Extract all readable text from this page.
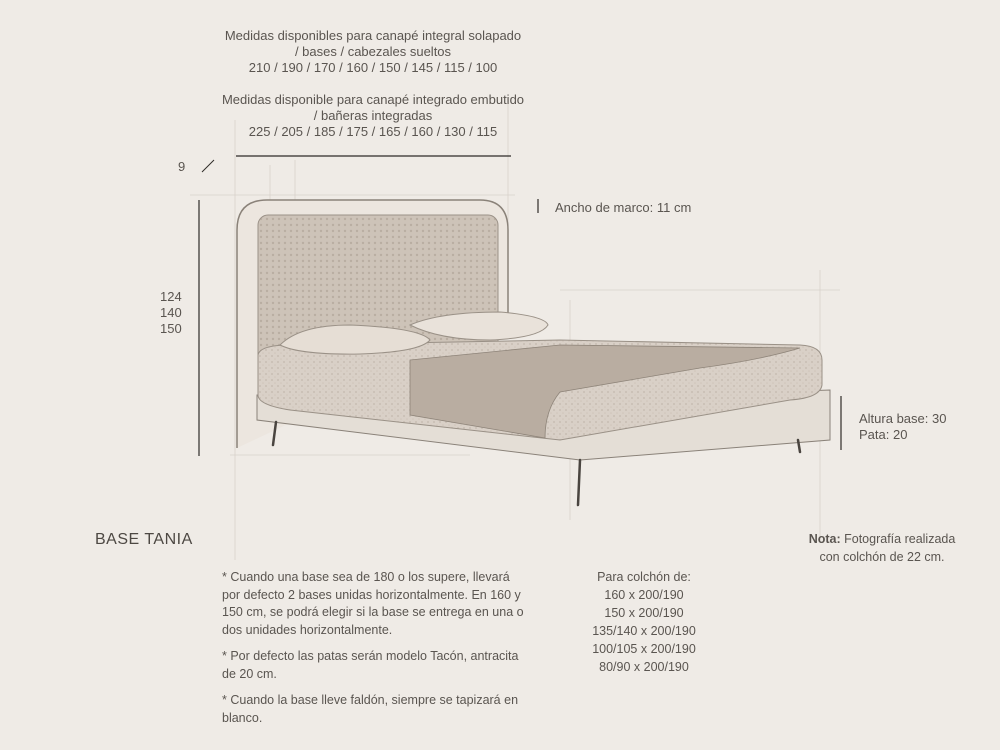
Medidas disponibles para canapé integral solapado
/ bases / cabezales sueltos
210 / 190 / 170 / 160 / 150 / 145 / 115 / 100
Medidas disponible para canapé integrado embutido
/ bañeras integradas
225 / 205 / 185 / 175 / 165 / 160 / 130 / 115
9
Ancho de marco: 11 cm
124
140
150
Altura base: 30
Pata: 20
BASE TANIA	Nota: Fotografía realizada
con colchón de 22 cm.
* Cuando una base sea de 180 o los supere, llevará por defecto 2 bases unidas horizontalmente. En 160 y 150 cm, se podrá elegir si la base se entrega en una o dos unidades horizontalmente.
* Por defecto las patas serán modelo Tacón, antracita de 20 cm.
* Cuando la base lleve faldón, siempre se tapizará en blanco.
Para colchón de:
160 x 200/190
150 x 200/190
135/140 x 200/190
100/105 x 200/190
80/90 x 200/190
